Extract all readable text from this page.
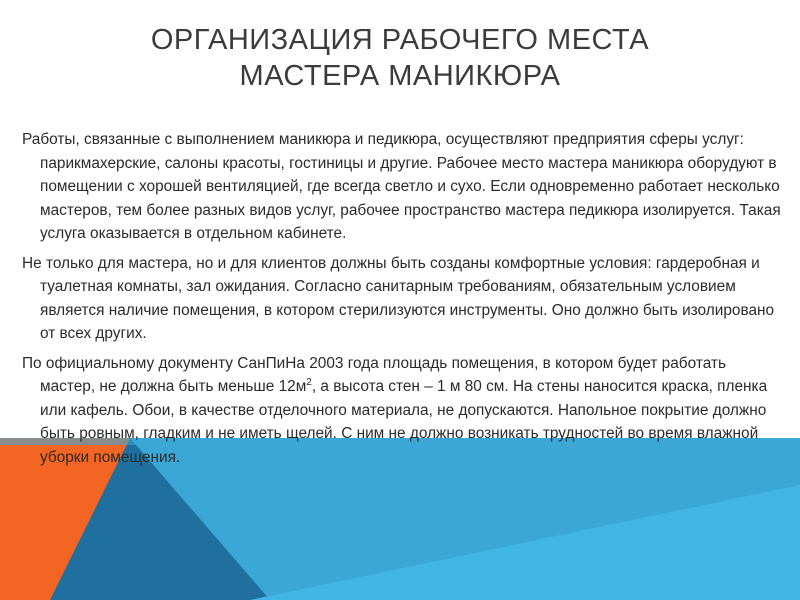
ОРГАНИЗАЦИЯ РАБОЧЕГО МЕСТА
МАСТЕРА МАНИКЮРА

Работы, связанные с выполнением маникюра и педикюра, осуществляют предприятия сферы услуг: парикмахерские, салоны красоты, гостиницы и другие. Рабочее место мастера маникюра оборудуют в помещении с хорошей вентиляцией, где всегда светло и сухо. Если одновременно работает несколько мастеров, тем более разных видов услуг, рабочее пространство мастера педикюра изолируется. Такая услуга оказывается в отдельном кабинете.

Не только для мастера, но и для клиентов должны быть созданы комфортные условия: гардеробная и туалетная комнаты, зал ожидания. Согласно санитарным требованиям, обязательным условием является наличие помещения, в котором стерилизуются инструменты. Оно должно быть изолировано от всех других.

По официальному документу СанПиНа 2003 года площадь помещения, в котором будет работать мастер, не должна быть меньше $12м^2$, а высота стен – 1 м 80 см. На стены наносится краска, пленка или кафель. Обои, в качестве отделочного материала, не допускаются. Напольное покрытие должно быть ровным, гладким и не иметь щелей. С ним не должно возникать трудностей во время влажной уборки помещения.
